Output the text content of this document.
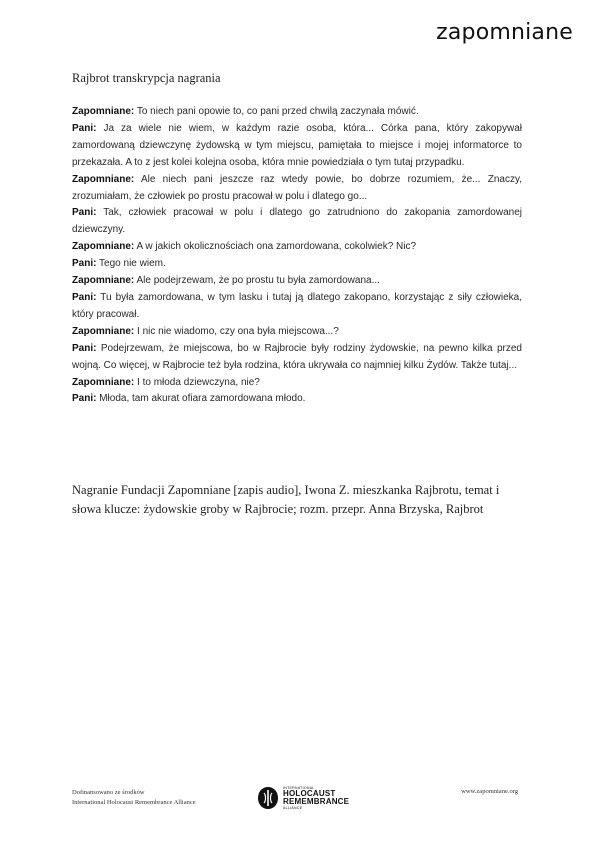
zapomniane
Rajbrot transkrypcja nagrania

Zapomniane: To niech pani opowie to, co pani przed chwilą zaczynała mówić.

Pani: Ja za wiele nie wiem, w każdym razie osoba, która... Córka pana, który zakopywał zamordowaną dziewczynę żydowską w tym miejscu, pamiętała to miejsce i mojej informatorce to przekazała. A to z jest kolei kolejna osoba, która mnie powiedziała o tym tutaj przypadku.

Zapomniane: Ale niech pani jeszcze raz wtedy powie, bo dobrze rozumiem, że... Znaczy, zrozumiałam, że człowiek po prostu pracował w polu i dlatego go...

Pani: Tak, człowiek pracował w polu i dlatego go zatrudniono do zakopania zamordowanej dziewczyny.

Zapomniane: A w jakich okolicznościach ona zamordowana, cokolwiek? Nic?

Pani: Tego nie wiem.

Zapomniane: Ale podejrzewam, że po prostu tu była zamordowana...

Pani: Tu była zamordowana, w tym lasku i tutaj ją dlatego zakopano, korzystając z siły człowieka, który pracował.

Zapomniane: I nic nie wiadomo, czy ona była miejscowa...?

Pani: Podejrzewam, że miejscowa, bo w Rajbrocie były rodziny żydowskie, na pewno kilka przed wojną. Co więcej, w Rajbrocie też była rodzina, która ukrywała co najmniej kilku Żydów. Także tutaj...

Zapomniane: I to młoda dziewczyna, nie?

Pani: Młoda, tam akurat ofiara zamordowana młodo.

Nagranie Fundacji Zapomniane [zapis audio], Iwona Z. mieszkanka Rajbrotu, temat i słowa klucze: żydowskie groby w Rajbrocie; rozm. przepr. Anna Brzyska, Rajbrot
Dofinansowano ze środków
International Holocaust Remembrance Alliance
INTERNATIONAL
HOLOCAUST
REMEMBRANCE
ALLIANCE
www.zapomniane.org
